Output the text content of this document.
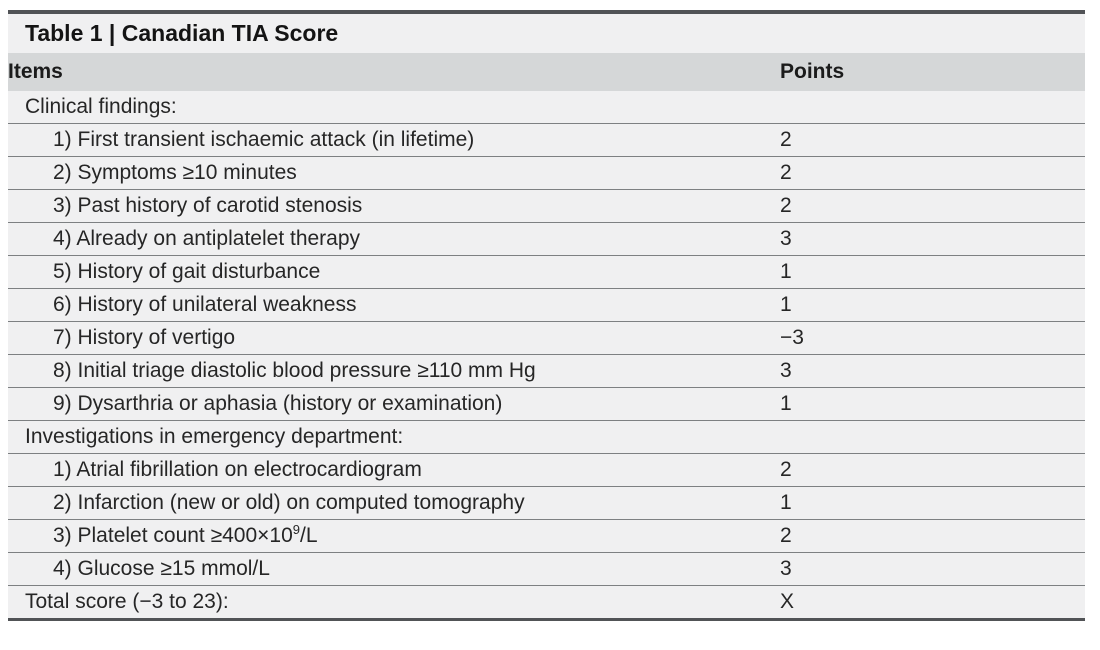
Table 1 | Canadian TIA Score
Items	Points
Clinical findings:	
1) First transient ischaemic attack (in lifetime)	2
2) Symptoms ≥10 minutes	2
3) Past history of carotid stenosis	2
4) Already on antiplatelet therapy	3
5) History of gait disturbance	1
6) History of unilateral weakness	1
7) History of vertigo	−3
8) Initial triage diastolic blood pressure ≥110 mm Hg	3
9) Dysarthria or aphasia (history or examination)	1
Investigations in emergency department:	
1) Atrial fibrillation on electrocardiogram	2
2) Infarction (new or old) on computed tomography	1
3) Platelet count $\ge 400\times 10^9/L$	2
4) Glucose ≥15 mmol/L	3
Total score (−3 to 23):	X
